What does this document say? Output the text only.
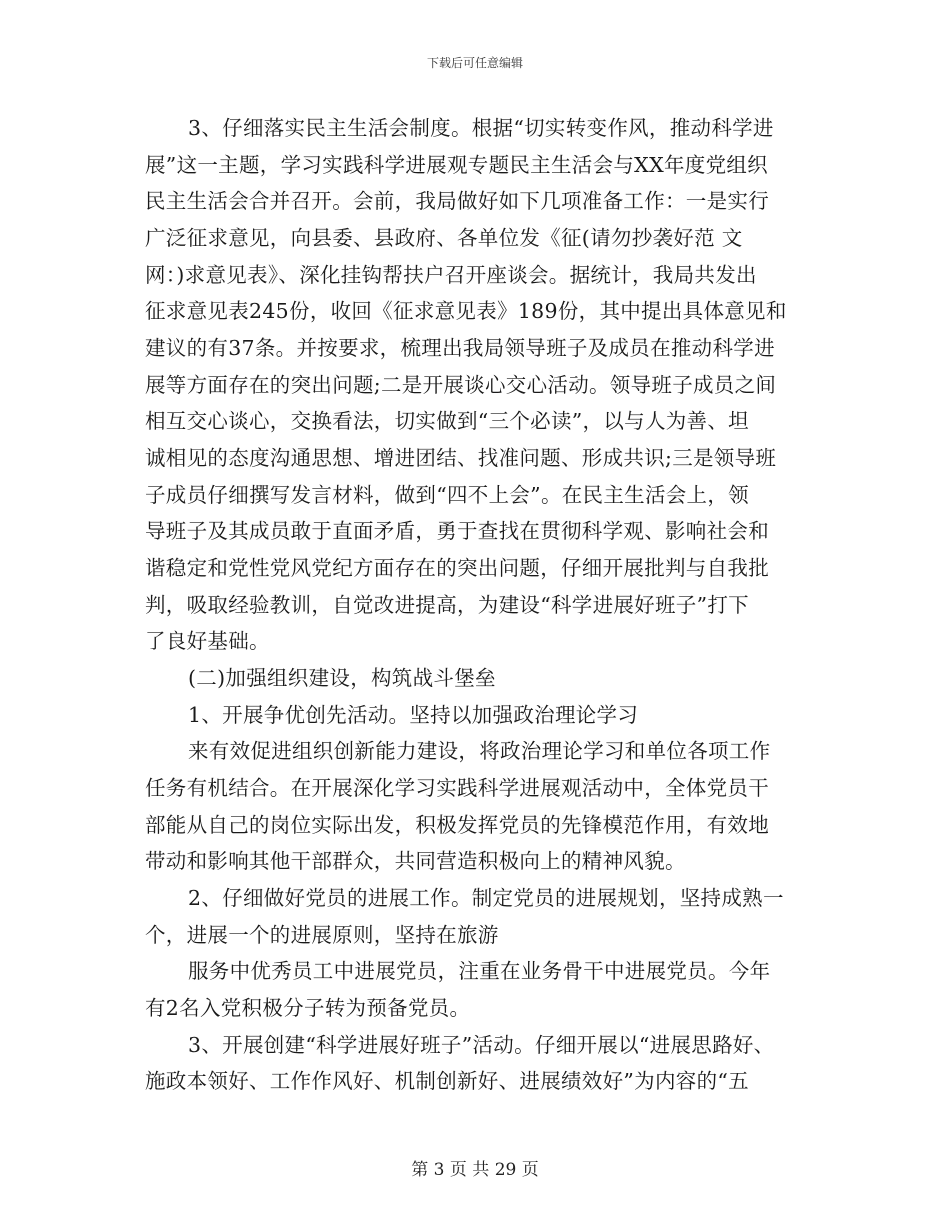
下载后可任意编辑
3、仔细落实民主生活会制度。根据“切实转变作风，推动科学进
展”这一主题，学习实践科学进展观专题民主生活会与XX年度党组织
民主生活会合并召开。会前，我局做好如下几项准备工作：一是实行
广泛征求意见，向县委、县政府、各单位发《征(请勿抄袭好范 文
网：)求意见表》、深化挂钩帮扶户召开座谈会。据统计，我局共发出
征求意见表245份，收回《征求意见表》189份，其中提出具体意见和
建议的有37条。并按要求，梳理出我局领导班子及成员在推动科学进
展等方面存在的突出问题;二是开展谈心交心活动。领导班子成员之间
相互交心谈心，交换看法，切实做到“三个必读”，以与人为善、坦
诚相见的态度沟通思想、增进团结、找准问题、形成共识;三是领导班
子成员仔细撰写发言材料，做到“四不上会”。在民主生活会上，领
导班子及其成员敢于直面矛盾，勇于查找在贯彻科学观、影响社会和
谐稳定和党性党风党纪方面存在的突出问题，仔细开展批判与自我批
判，吸取经验教训，自觉改进提高，为建设“科学进展好班子”打下
了良好基础。
(二)加强组织建设，构筑战斗堡垒
1、开展争优创先活动。坚持以加强政治理论学习
来有效促进组织创新能力建设，将政治理论学习和单位各项工作
任务有机结合。在开展深化学习实践科学进展观活动中，全体党员干
部能从自己的岗位实际出发，积极发挥党员的先锋模范作用，有效地
带动和影响其他干部群众，共同营造积极向上的精神风貌。
2、仔细做好党员的进展工作。制定党员的进展规划，坚持成熟一
个，进展一个的进展原则，坚持在旅游
服务中优秀员工中进展党员，注重在业务骨干中进展党员。今年
有2名入党积极分子转为预备党员。
3、开展创建“科学进展好班子”活动。仔细开展以“进展思路好、
施政本领好、工作作风好、机制创新好、进展绩效好”为内容的“五
第 3 页 共 29 页
